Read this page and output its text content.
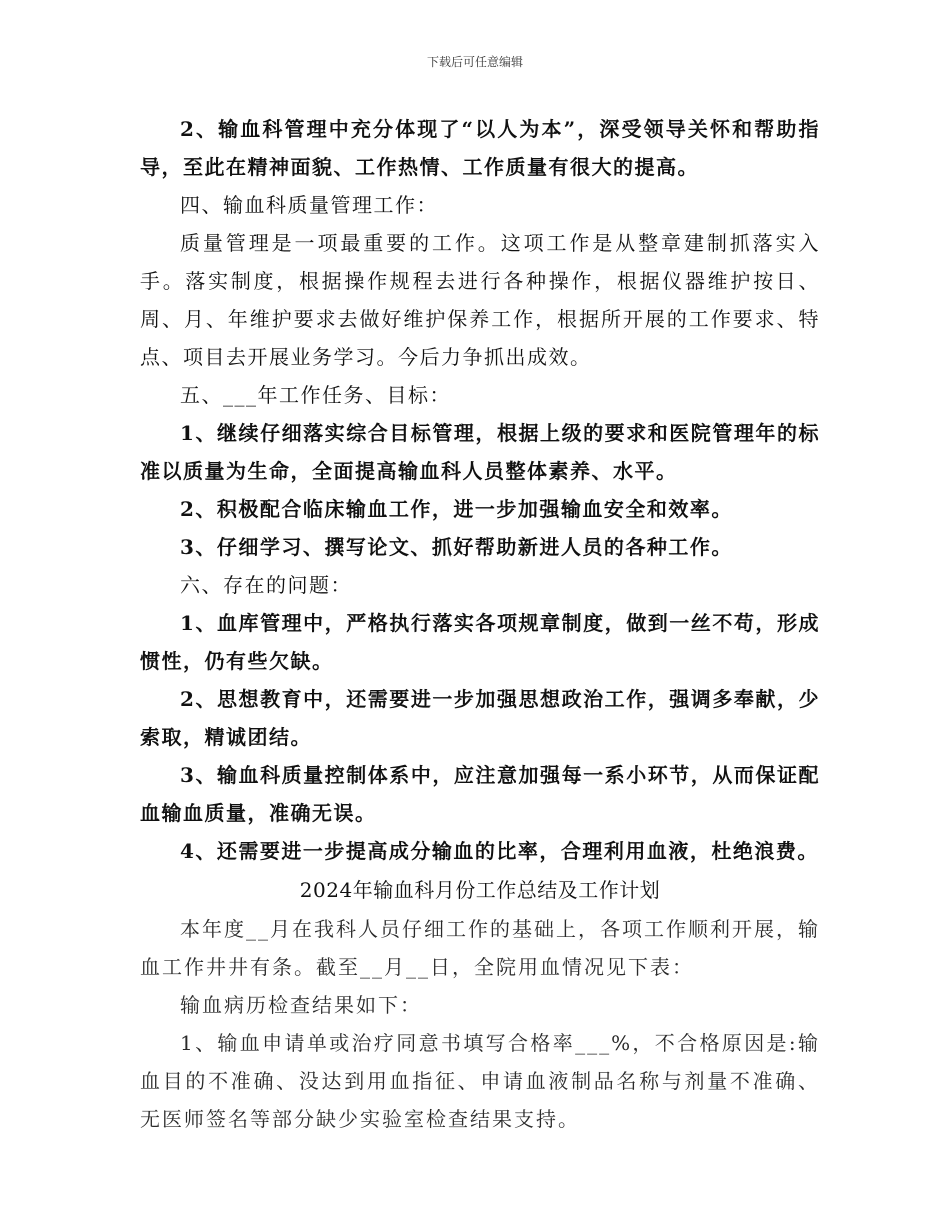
下载后可任意编辑

2、输血科管理中充分体现了“以人为本”，深受领导关怀和帮助指导，至此在精神面貌、工作热情、工作质量有很大的提高。

四、输血科质量管理工作：

质量管理是一项最重要的工作。这项工作是从整章建制抓落实入手。落实制度，根据操作规程去进行各种操作，根据仪器维护按日、周、月、年维护要求去做好维护保养工作，根据所开展的工作要求、特点、项目去开展业务学习。今后力争抓出成效。

五、___年工作任务、目标：

1、继续仔细落实综合目标管理，根据上级的要求和医院管理年的标准以质量为生命，全面提高输血科人员整体素养、水平。

2、积极配合临床输血工作，进一步加强输血安全和效率。

3、仔细学习、撰写论文、抓好帮助新进人员的各种工作。

六、存在的问题：

1、血库管理中，严格执行落实各项规章制度，做到一丝不苟，形成惯性，仍有些欠缺。

2、思想教育中，还需要进一步加强思想政治工作，强调多奉献，少索取，精诚团结。

3、输血科质量控制体系中，应注意加强每一系小环节，从而保证配血输血质量，准确无误。

4、还需要进一步提高成分输血的比率，合理利用血液，杜绝浪费。

2024年输血科月份工作总结及工作计划

本年度__月在我科人员仔细工作的基础上，各项工作顺利开展，输血工作井井有条。截至__月__日，全院用血情况见下表：

输血病历检查结果如下：

1、输血申请单或治疗同意书填写合格率___%，不合格原因是:输血目的不准确、没达到用血指征、申请血液制品名称与剂量不准确、无医师签名等部分缺少实验室检查结果支持。
